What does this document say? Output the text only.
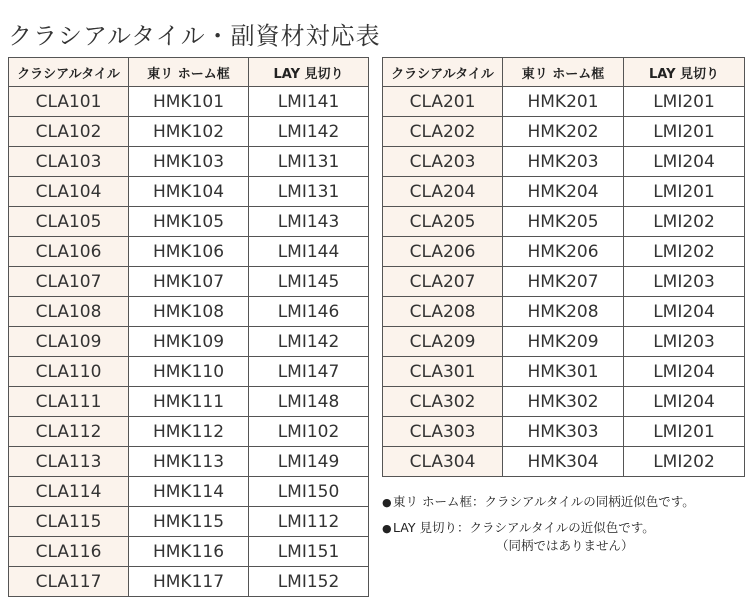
クラシアルタイル・副資材対応表
クラシアルタイル	東リ ホーム框	LAY 見切り
CLA101	HMK101	LMI141
CLA102	HMK102	LMI142
CLA103	HMK103	LMI131
CLA104	HMK104	LMI131
CLA105	HMK105	LMI143
CLA106	HMK106	LMI144
CLA107	HMK107	LMI145
CLA108	HMK108	LMI146
CLA109	HMK109	LMI142
CLA110	HMK110	LMI147
CLA111	HMK111	LMI148
CLA112	HMK112	LMI102
CLA113	HMK113	LMI149
CLA114	HMK114	LMI150
CLA115	HMK115	LMI112
CLA116	HMK116	LMI151
CLA117	HMK117	LMI152
クラシアルタイル	東リ ホーム框	LAY 見切り
CLA201	HMK201	LMI201
CLA202	HMK202	LMI201
CLA203	HMK203	LMI204
CLA204	HMK204	LMI201
CLA205	HMK205	LMI202
CLA206	HMK206	LMI202
CLA207	HMK207	LMI203
CLA208	HMK208	LMI204
CLA209	HMK209	LMI203
CLA301	HMK301	LMI204
CLA302	HMK302	LMI204
CLA303	HMK303	LMI201
CLA304	HMK304	LMI202
●東リ ホーム框：クラシアルタイルの同柄近似色です。
●LAY 見切り：クラシアルタイルの近似色です。
（同柄ではありません）
